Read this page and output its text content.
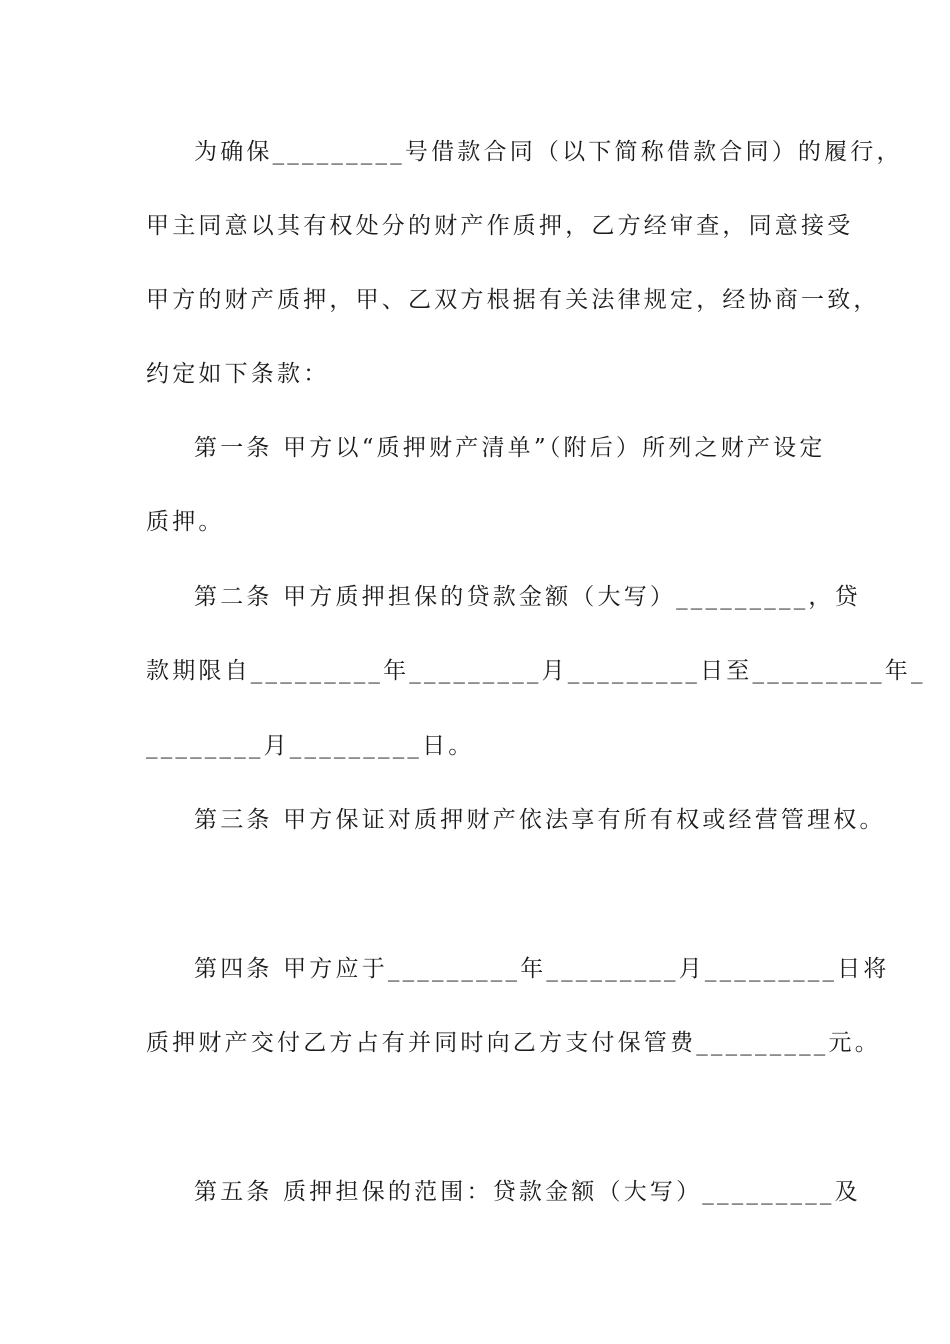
为确保_________号借款合同（以下简称借款合同）的履行，
甲主同意以其有权处分的财产作质押，乙方经审查，同意接受
甲方的财产质押，甲、乙双方根据有关法律规定，经协商一致，
约定如下条款：
第一条 甲方以“质押财产清单”（附后）所列之财产设定
质押。
第二条 甲方质押担保的贷款金额（大写）_________，贷
款期限自_________年_________月_________日至_________年_
________月_________日。
第三条 甲方保证对质押财产依法享有所有权或经营管理权。
第四条 甲方应于_________年_________月_________日将
质押财产交付乙方占有并同时向乙方支付保管费_________元。
第五条 质押担保的范围：贷款金额（大写）_________及
